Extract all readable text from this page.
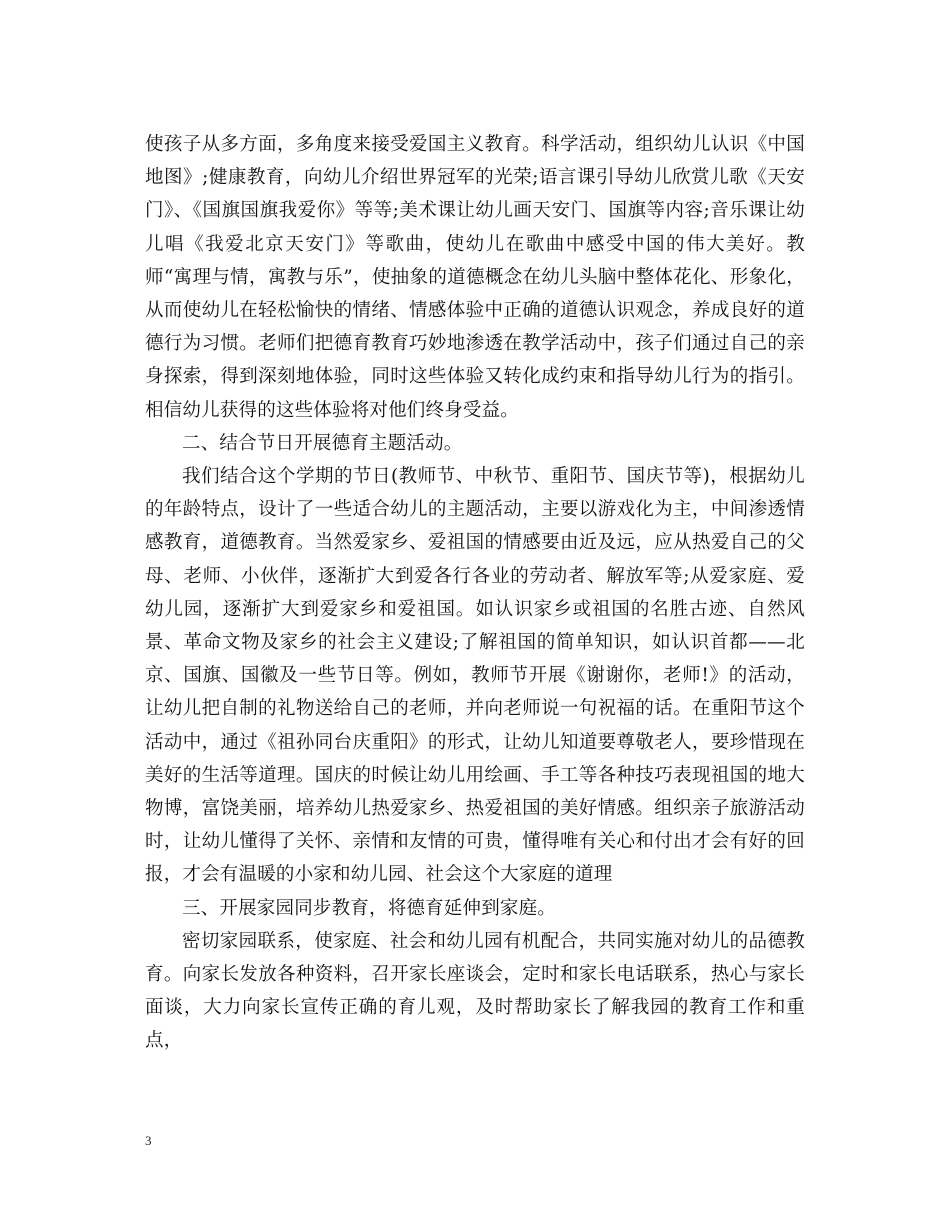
使孩子从多方面，多角度来接受爱国主义教育。科学活动，组织幼儿认识《中国地图》;健康教育，向幼儿介绍世界冠军的光荣;语言课引导幼儿欣赏儿歌《天安门》、《国旗国旗我爱你》等等;美术课让幼儿画天安门、国旗等内容;音乐课让幼儿唱《我爱北京天安门》等歌曲，使幼儿在歌曲中感受中国的伟大美好。教师“寓理与情，寓教与乐”，使抽象的道德概念在幼儿头脑中整体花化、形象化，从而使幼儿在轻松愉快的情绪、情感体验中正确的道德认识观念，养成良好的道德行为习惯。老师们把德育教育巧妙地渗透在教学活动中，孩子们通过自己的亲身探索，得到深刻地体验，同时这些体验又转化成约束和指导幼儿行为的指引。相信幼儿获得的这些体验将对他们终身受益。

二、结合节日开展德育主题活动。

我们结合这个学期的节日(教师节、中秋节、重阳节、国庆节等)，根据幼儿的年龄特点，设计了一些适合幼儿的主题活动，主要以游戏化为主，中间渗透情感教育，道德教育。当然爱家乡、爱祖国的情感要由近及远，应从热爱自己的父母、老师、小伙伴，逐渐扩大到爱各行各业的劳动者、解放军等;从爱家庭、爱幼儿园，逐渐扩大到爱家乡和爱祖国。如认识家乡或祖国的名胜古迹、自然风景、革命文物及家乡的社会主义建设;了解祖国的简单知识，如认识首都——北京、国旗、国徽及一些节日等。例如，教师节开展《谢谢你，老师!》的活动，让幼儿把自制的礼物送给自己的老师，并向老师说一句祝福的话。在重阳节这个活动中，通过《祖孙同台庆重阳》的形式，让幼儿知道要尊敬老人，要珍惜现在美好的生活等道理。国庆的时候让幼儿用绘画、手工等各种技巧表现祖国的地大物博，富饶美丽，培养幼儿热爱家乡、热爱祖国的美好情感。组织亲子旅游活动时，让幼儿懂得了关怀、亲情和友情的可贵，懂得唯有关心和付出才会有好的回报，才会有温暖的小家和幼儿园、社会这个大家庭的道理

三、开展家园同步教育，将德育延伸到家庭。

密切家园联系，使家庭、社会和幼儿园有机配合，共同实施对幼儿的品德教育。向家长发放各种资料，召开家长座谈会，定时和家长电话联系，热心与家长面谈，大力向家长宣传正确的育儿观，及时帮助家长了解我园的教育工作和重点，

3
